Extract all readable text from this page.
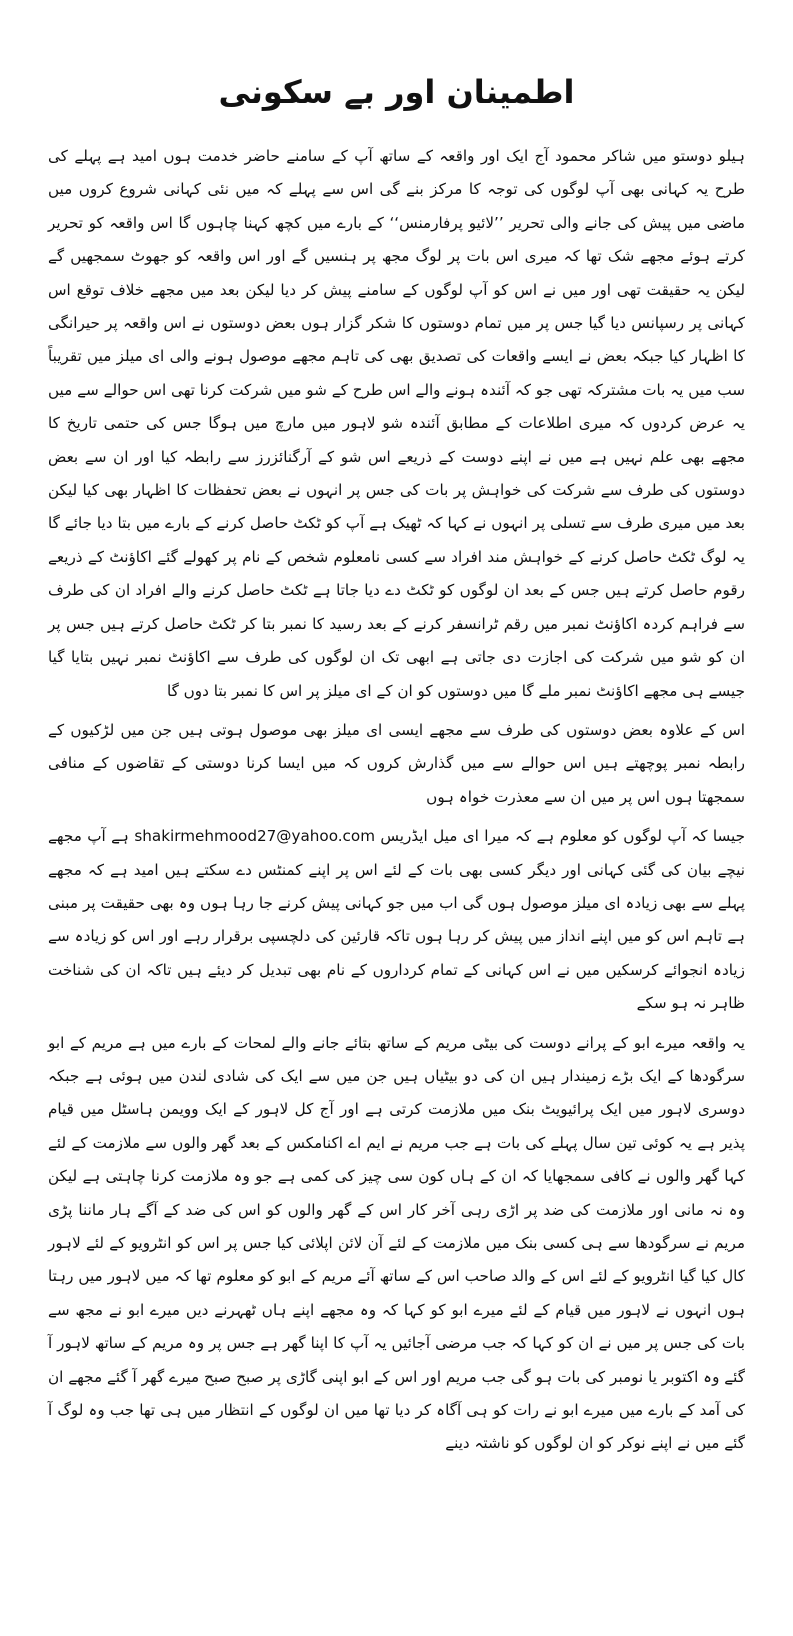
اطمینان اور بے سکونی

ہیلو دوستو میں شاکر محمود آج ایک اور واقعہ کے ساتھ آپ کے سامنے حاضر خدمت ہوں امید ہے پہلے کی طرح یہ کہانی بھی آپ لوگوں کی توجہ کا مرکز بنے گی اس سے پہلے کہ میں نئی کہانی شروع کروں میں ماضی میں پیش کی جانے والی تحریر ’’لائیو پرفارمنس‘‘ کے بارے میں کچھ کہنا چاہوں گا اس واقعہ کو تحریر کرتے ہوئے مجھے شک تھا کہ میری اس بات پر لوگ مجھ پر ہنسیں گے اور اس واقعہ کو جھوٹ سمجھیں گے لیکن یہ حقیقت تھی اور میں نے اس کو آپ لوگوں کے سامنے پیش کر دیا لیکن بعد میں مجھے خلاف توقع اس کہانی پر رسپانس دیا گیا جس پر میں تمام دوستوں کا شکر گزار ہوں بعض دوستوں نے اس واقعہ پر حیرانگی کا اظہار کیا جبکہ بعض نے ایسے واقعات کی تصدیق بھی کی تاہم مجھے موصول ہونے والی ای میلز میں تقریباً سب میں یہ بات مشترکہ تھی جو کہ آئندہ ہونے والے اس طرح کے شو میں شرکت کرنا تھی اس حوالے سے میں یہ عرض کردوں کہ میری اطلاعات کے مطابق آئندہ شو لاہور میں مارچ میں ہوگا جس کی حتمی تاریخ کا مجھے بھی علم نہیں ہے میں نے اپنے دوست کے ذریعے اس شو کے آرگنائزرز سے رابطہ کیا اور ان سے بعض دوستوں کی طرف سے شرکت کی خواہش پر بات کی جس پر انہوں نے بعض تحفظات کا اظہار بھی کیا لیکن بعد میں میری طرف سے تسلی پر انہوں نے کہا کہ ٹھیک ہے آپ کو ٹکٹ حاصل کرنے کے بارے میں بتا دیا جائے گا یہ لوگ ٹکٹ حاصل کرنے کے خواہش مند افراد سے کسی نامعلوم شخص کے نام پر کھولے گئے اکاؤنٹ کے ذریعے رقوم حاصل کرتے ہیں جس کے بعد ان لوگوں کو ٹکٹ دے دیا جاتا ہے ٹکٹ حاصل کرنے والے افراد ان کی طرف سے فراہم کردہ اکاؤنٹ نمبر میں رقم ٹرانسفر کرنے کے بعد رسید کا نمبر بتا کر ٹکٹ حاصل کرتے ہیں جس پر ان کو شو میں شرکت کی اجازت دی جاتی ہے ابھی تک ان لوگوں کی طرف سے اکاؤنٹ نمبر نہیں بتایا گیا جیسے ہی مجھے اکاؤنٹ نمبر ملے گا میں دوستوں کو ان کے ای میلز پر اس کا نمبر بتا دوں گا

اس کے علاوہ بعض دوستوں کی طرف سے مجھے ایسی ای میلز بھی موصول ہوتی ہیں جن میں لڑکیوں کے رابطہ نمبر پوچھتے ہیں اس حوالے سے میں گذارش کروں کہ میں ایسا کرنا دوستی کے تقاضوں کے منافی سمجھتا ہوں اس پر میں ان سے معذرت خواہ ہوں

جیسا کہ آپ لوگوں کو معلوم ہے کہ میرا ای میل ایڈریس shakirmehmood27@yahoo.com ہے آپ مجھے نیچے بیان کی گئی کہانی اور دیگر کسی بھی بات کے لئے اس پر اپنے کمنٹس دے سکتے ہیں امید ہے کہ مجھے پہلے سے بھی زیادہ ای میلز موصول ہوں گی اب میں جو کہانی پیش کرنے جا رہا ہوں وہ بھی حقیقت پر مبنی ہے تاہم اس کو میں اپنے انداز میں پیش کر رہا ہوں تاکہ قارئین کی دلچسپی برقرار رہے اور اس کو زیادہ سے زیادہ انجوائے کرسکیں میں نے اس کہانی کے تمام کرداروں کے نام بھی تبدیل کر دیئے ہیں تاکہ ان کی شناخت ظاہر نہ ہو سکے

یہ واقعہ میرے ابو کے پرانے دوست کی بیٹی مریم کے ساتھ بتائے جانے والے لمحات کے بارے میں ہے مریم کے ابو سرگودھا کے ایک بڑے زمیندار ہیں ان کی دو بیٹیاں ہیں جن میں سے ایک کی شادی لندن میں ہوئی ہے جبکہ دوسری لاہور میں ایک پرائیویٹ بنک میں ملازمت کرتی ہے اور آج کل لاہور کے ایک وویمن ہاسٹل میں قیام پذیر ہے یہ کوئی تین سال پہلے کی بات ہے جب مریم نے ایم اے اکنامکس کے بعد گھر والوں سے ملازمت کے لئے کہا گھر والوں نے کافی سمجھایا کہ ان کے ہاں کون سی چیز کی کمی ہے جو وہ ملازمت کرنا چاہتی ہے لیکن وہ نہ مانی اور ملازمت کی ضد پر اڑی رہی آخر کار اس کے گھر والوں کو اس کی ضد کے آگے ہار ماننا پڑی مریم نے سرگودھا سے ہی کسی بنک میں ملازمت کے لئے آن لائن اپلائی کیا جس پر اس کو انٹرویو کے لئے لاہور کال کیا گیا انٹرویو کے لئے اس کے والد صاحب اس کے ساتھ آئے مریم کے ابو کو معلوم تھا کہ میں لاہور میں رہتا ہوں انہوں نے لاہور میں قیام کے لئے میرے ابو کو کہا کہ وہ مجھے اپنے ہاں ٹھہرنے دیں میرے ابو نے مجھ سے بات کی جس پر میں نے ان کو کہا کہ جب مرضی آجائیں یہ آپ کا اپنا گھر ہے جس پر وہ مریم کے ساتھ لاہور آ گئے وہ اکتوبر یا نومبر کی بات ہو گی جب مریم اور اس کے ابو اپنی گاڑی پر صبح صبح میرے گھر آ گئے مجھے ان کی آمد کے بارے میں میرے ابو نے رات کو ہی آگاہ کر دیا تھا میں ان لوگوں کے انتظار میں ہی تھا جب وہ لوگ آ گئے میں نے اپنے نوکر کو ان لوگوں کو ناشتہ دینے
